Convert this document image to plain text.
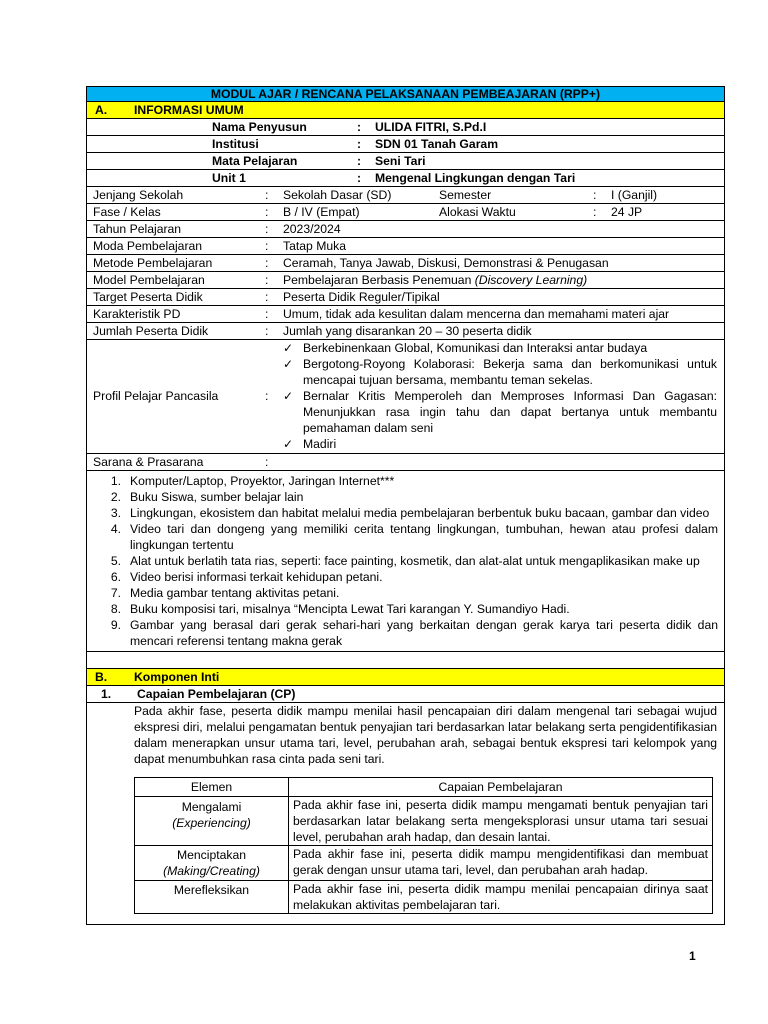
MODUL AJAR / RENCANA PELAKSANAAN PEMBEAJARAN (RPP+)
A. INFORMASI UMUM
Nama Penyusun	: ULIDA FITRI, S.Pd.I
Institusi	: SDN 01 Tanah Garam
Mata Pelajaran	: Seni Tari
Unit 1	: Mengenal Lingkungan dengan Tari
Jenjang Sekolah	: Sekolah Dasar (SD)	Semester	: I (Ganjil)
Fase / Kelas	: B / IV (Empat)	Alokasi Waktu	: 24 JP
Tahun Pelajaran	: 2023/2024
Moda Pembelajaran	: Tatap Muka
Metode Pembelajaran	: Ceramah, Tanya Jawab, Diskusi, Demonstrasi & Penugasan
Model Pembelajaran	: Pembelajaran Berbasis Penemuan (Discovery Learning)
Target Peserta Didik	: Peserta Didik Reguler/Tipikal
Karakteristik PD	: Umum, tidak ada kesulitan dalam mencerna dan memahami materi ajar
Jumlah Peserta Didik	: Jumlah yang disarankan 20 – 30 peserta didik
Profil Pelajar Pancasila	:
✓ Berkebinenkaan Global, Komunikasi dan Interaksi antar budaya
✓ Bergotong-Royong Kolaborasi: Bekerja sama dan berkomunikasi untuk mencapai tujuan bersama, membantu teman sekelas.
✓ Bernalar Kritis Memperoleh dan Memproses Informasi Dan Gagasan: Menunjukkan rasa ingin tahu dan dapat bertanya untuk membantu pemahaman dalam seni
✓ Madiri
Sarana & Prasarana	:
1. Komputer/Laptop, Proyektor, Jaringan Internet***
2. Buku Siswa, sumber belajar lain
3. Lingkungan, ekosistem dan habitat melalui media pembelajaran berbentuk buku bacaan, gambar dan video
4. Video tari dan dongeng yang memiliki cerita tentang lingkungan, tumbuhan, hewan atau profesi dalam lingkungan tertentu
5. Alat untuk berlatih tata rias, seperti: face painting, kosmetik, dan alat-alat untuk mengaplikasikan make up
6. Video berisi informasi terkait kehidupan petani.
7. Media gambar tentang aktivitas petani.
8. Buku komposisi tari, misalnya “Mencipta Lewat Tari karangan Y. Sumandiyo Hadi.
9. Gambar yang berasal dari gerak sehari-hari yang berkaitan dengan gerak karya tari peserta didik dan mencari referensi tentang makna gerak
B. Komponen Inti
1. Capaian Pembelajaran (CP)
Pada akhir fase, peserta didik mampu menilai hasil pencapaian diri dalam mengenal tari sebagai wujud ekspresi diri, melalui pengamatan bentuk penyajian tari berdasarkan latar belakang serta pengidentifikasian dalam menerapkan unsur utama tari, level, perubahan arah, sebagai bentuk ekspresi tari kelompok yang dapat menumbuhkan rasa cinta pada seni tari.
Elemen	Capaian Pembelajaran

Mengalami
(Experiencing)	Pada akhir fase ini, peserta didik mampu mengamati bentuk penyajian tari berdasarkan latar belakang serta mengeksplorasi unsur utama tari sesuai level, perubahan arah hadap, dan desain lantai.

Menciptakan
(Making/Creating)	Pada akhir fase ini, peserta didik mampu mengidentifikasi dan membuat gerak dengan unsur utama tari, level, dan perubahan arah hadap.

Merefleksikan	Pada akhir fase ini, peserta didik mampu menilai pencapaian dirinya saat melakukan aktivitas pembelajaran tari.
1
